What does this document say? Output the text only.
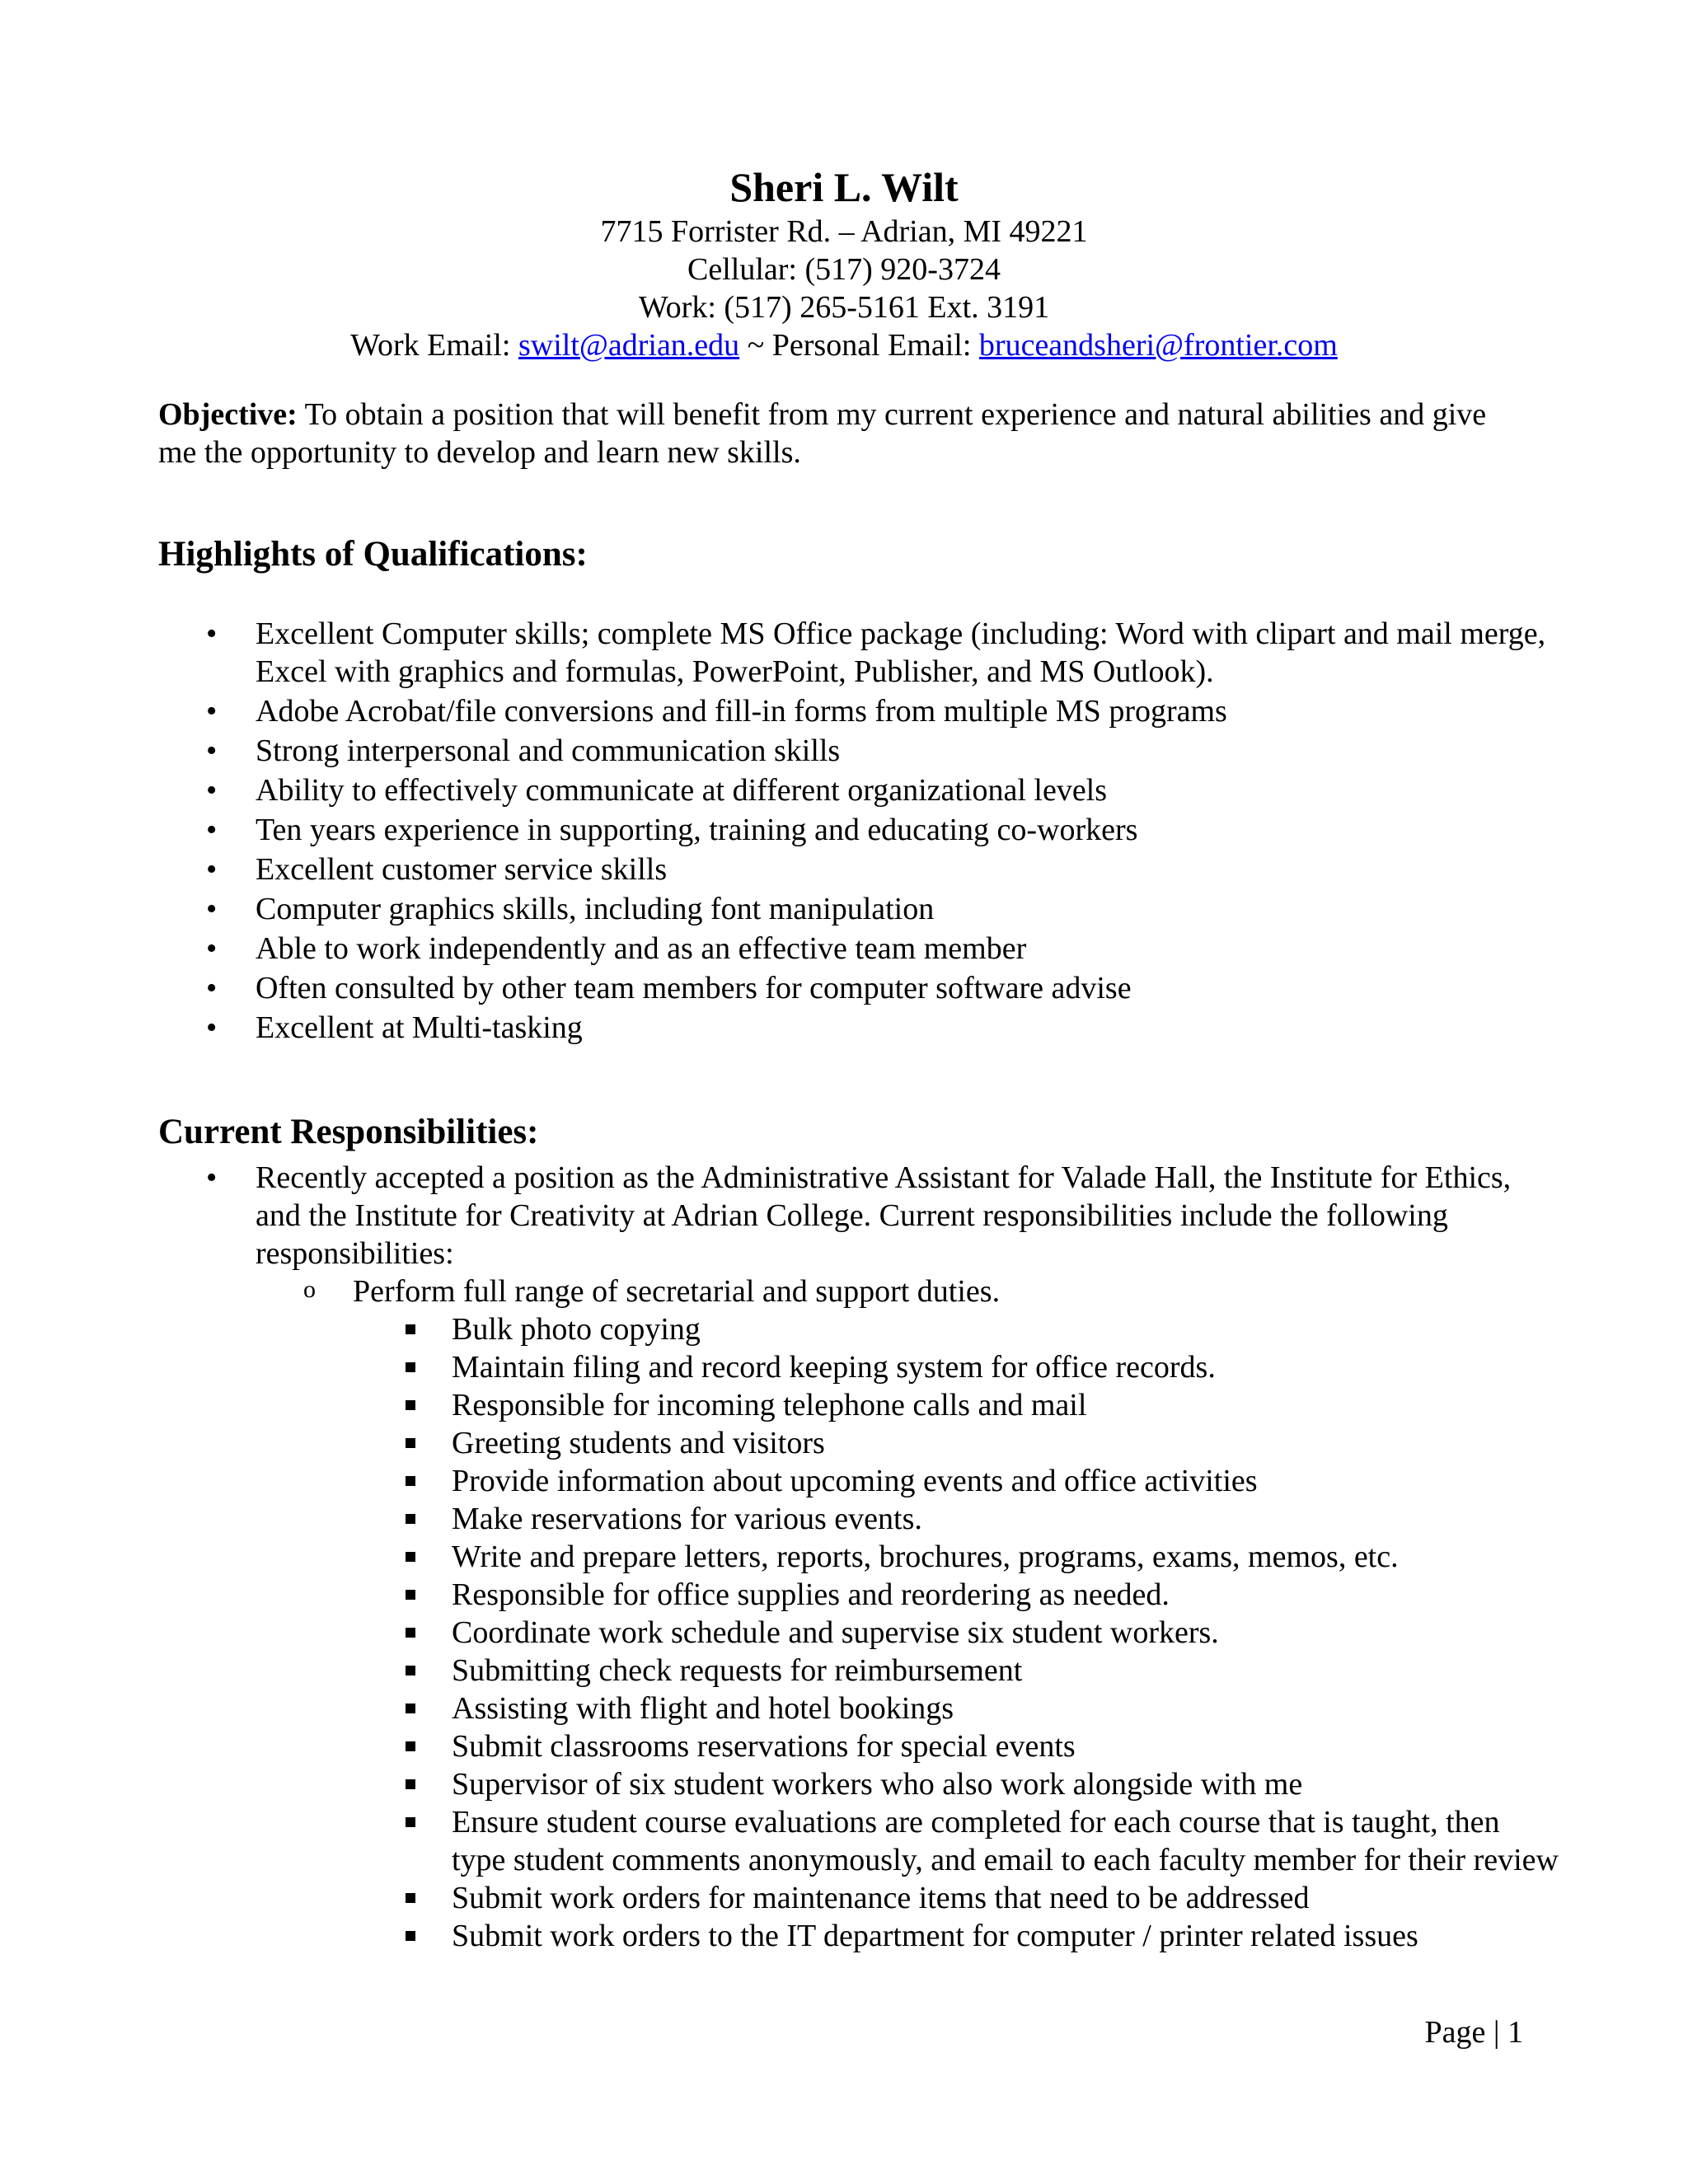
Sheri L. Wilt

7715 Forrister Rd. – Adrian, MI 49221

Cellular: (517) 920-3724

Work: (517) 265-5161 Ext. 3191

Work Email: swilt@adrian.edu ~ Personal Email: bruceandsheri@frontier.com

Objective: To obtain a position that will benefit from my current experience and natural abilities and give me the opportunity to develop and learn new skills.

Highlights of Qualifications:

• Excellent Computer skills; complete MS Office package (including: Word with clipart and mail merge, Excel with graphics and formulas, PowerPoint, Publisher, and MS Outlook).
• Adobe Acrobat/file conversions and fill-in forms from multiple MS programs
• Strong interpersonal and communication skills
• Ability to effectively communicate at different organizational levels
• Ten years experience in supporting, training and educating co-workers
• Excellent customer service skills
• Computer graphics skills, including font manipulation
• Able to work independently and as an effective team member
• Often consulted by other team members for computer software advise
• Excellent at Multi-tasking

Current Responsibilities:

• Recently accepted a position as the Administrative Assistant for Valade Hall, the Institute for Ethics, and the Institute for Creativity at Adrian College. Current responsibilities include the following responsibilities:
o Perform full range of secretarial and support duties.
Bulk photo copying
Maintain filing and record keeping system for office records.
Responsible for incoming telephone calls and mail
Greeting students and visitors
Provide information about upcoming events and office activities
Make reservations for various events.
Write and prepare letters, reports, brochures, programs, exams, memos, etc.
Responsible for office supplies and reordering as needed.
Coordinate work schedule and supervise six student workers.
Submitting check requests for reimbursement
Assisting with flight and hotel bookings
Submit classrooms reservations for special events
Supervisor of six student workers who also work alongside with me
Ensure student course evaluations are completed for each course that is taught, then type student comments anonymously, and email to each faculty member for their review
Submit work orders for maintenance items that need to be addressed
Submit work orders to the IT department for computer / printer related issues

Page | 1
